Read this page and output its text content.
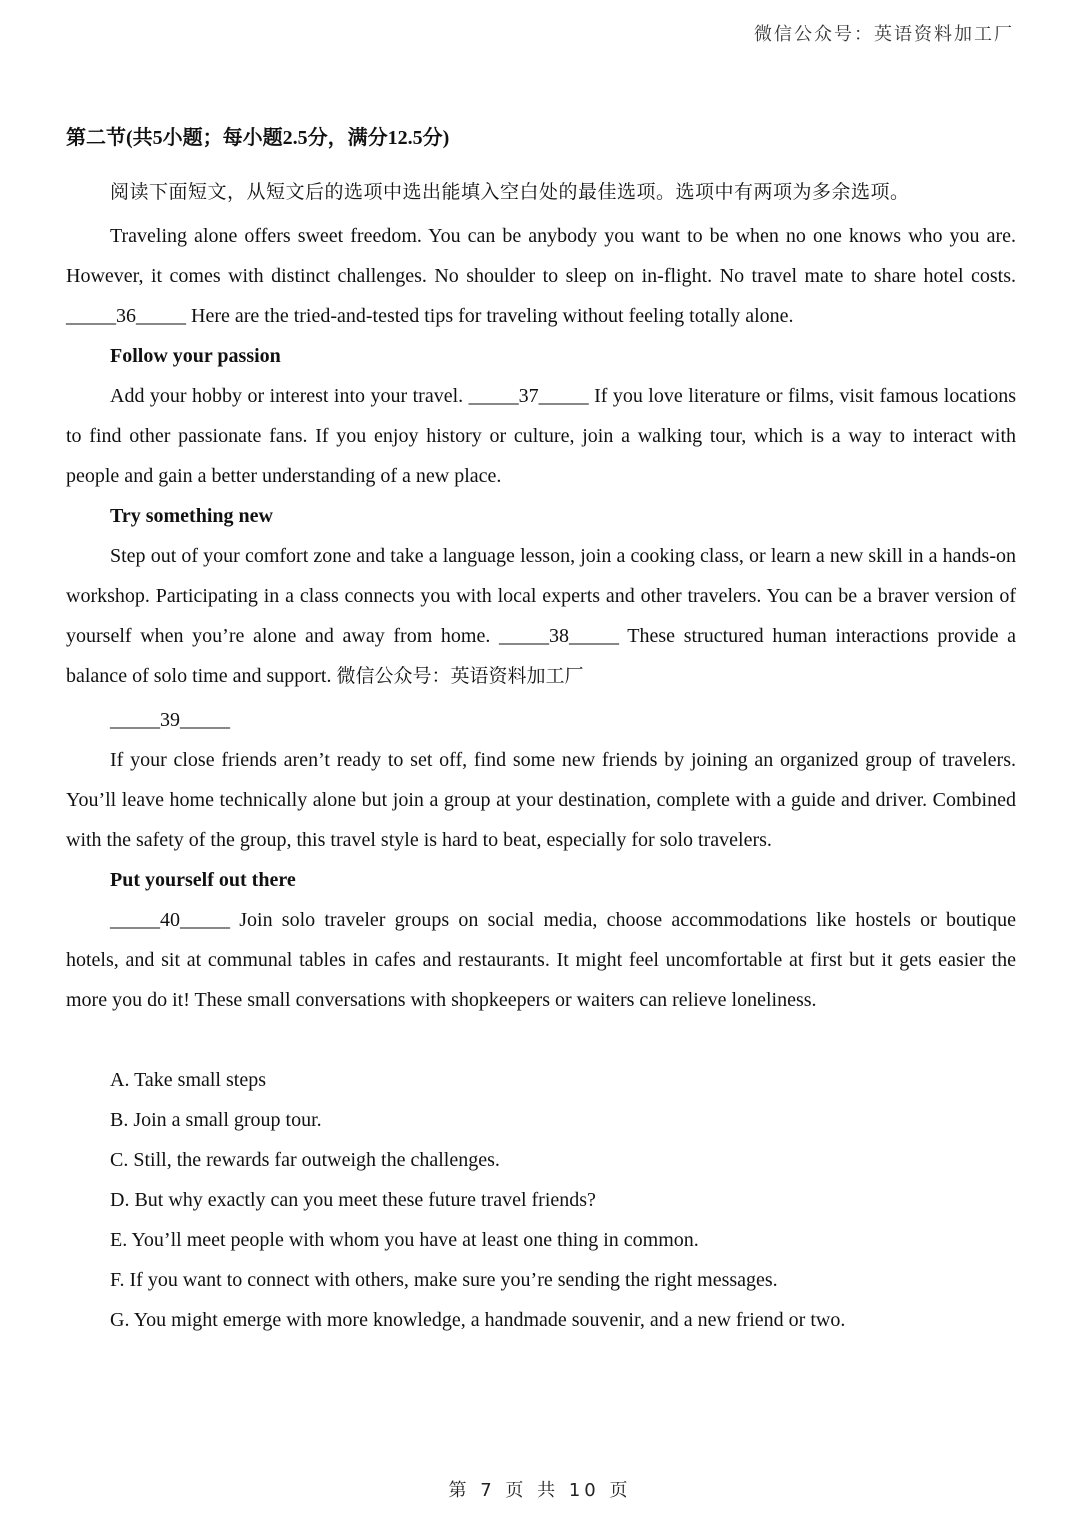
微信公众号：英语资料加工厂
第二节(共5小题；每小题2.5分，满分12.5分)

阅读下面短文，从短文后的选项中选出能填入空白处的最佳选项。选项中有两项为多余选项。

Traveling alone offers sweet freedom. You can be anybody you want to be when no one knows who you are. However, it comes with distinct challenges. No shoulder to sleep on in-flight. No travel mate to share hotel costs. _____36_____ Here are the tried-and-tested tips for traveling without feeling totally alone.

Follow your passion

Add your hobby or interest into your travel. _____37_____ If you love literature or films, visit famous locations to find other passionate fans. If you enjoy history or culture, join a walking tour, which is a way to interact with people and gain a better understanding of a new place.

Try something new

Step out of your comfort zone and take a language lesson, join a cooking class, or learn a new skill in a hands-on workshop. Participating in a class connects you with local experts and other travelers. You can be a braver version of yourself when you’re alone and away from home. _____38_____ These structured human interactions provide a balance of solo time and support. 微信公众号：英语资料加工厂

_____39_____

If your close friends aren’t ready to set off, find some new friends by joining an organized group of travelers. You’ll leave home technically alone but join a group at your destination, complete with a guide and driver. Combined with the safety of the group, this travel style is hard to beat, especially for solo travelers.

Put yourself out there

_____40_____ Join solo traveler groups on social media, choose accommodations like hostels or boutique hotels, and sit at communal tables in cafes and restaurants. It might feel uncomfortable at first but it gets easier the more you do it! These small conversations with shopkeepers or waiters can relieve loneliness.

A. Take small steps
B. Join a small group tour.
C. Still, the rewards far outweigh the challenges.
D. But why exactly can you meet these future travel friends?
E. You’ll meet people with whom you have at least one thing in common.
F. If you want to connect with others, make sure you’re sending the right messages.
G. You might emerge with more knowledge, a handmade souvenir, and a new friend or two.
第 7 页 共 10 页
